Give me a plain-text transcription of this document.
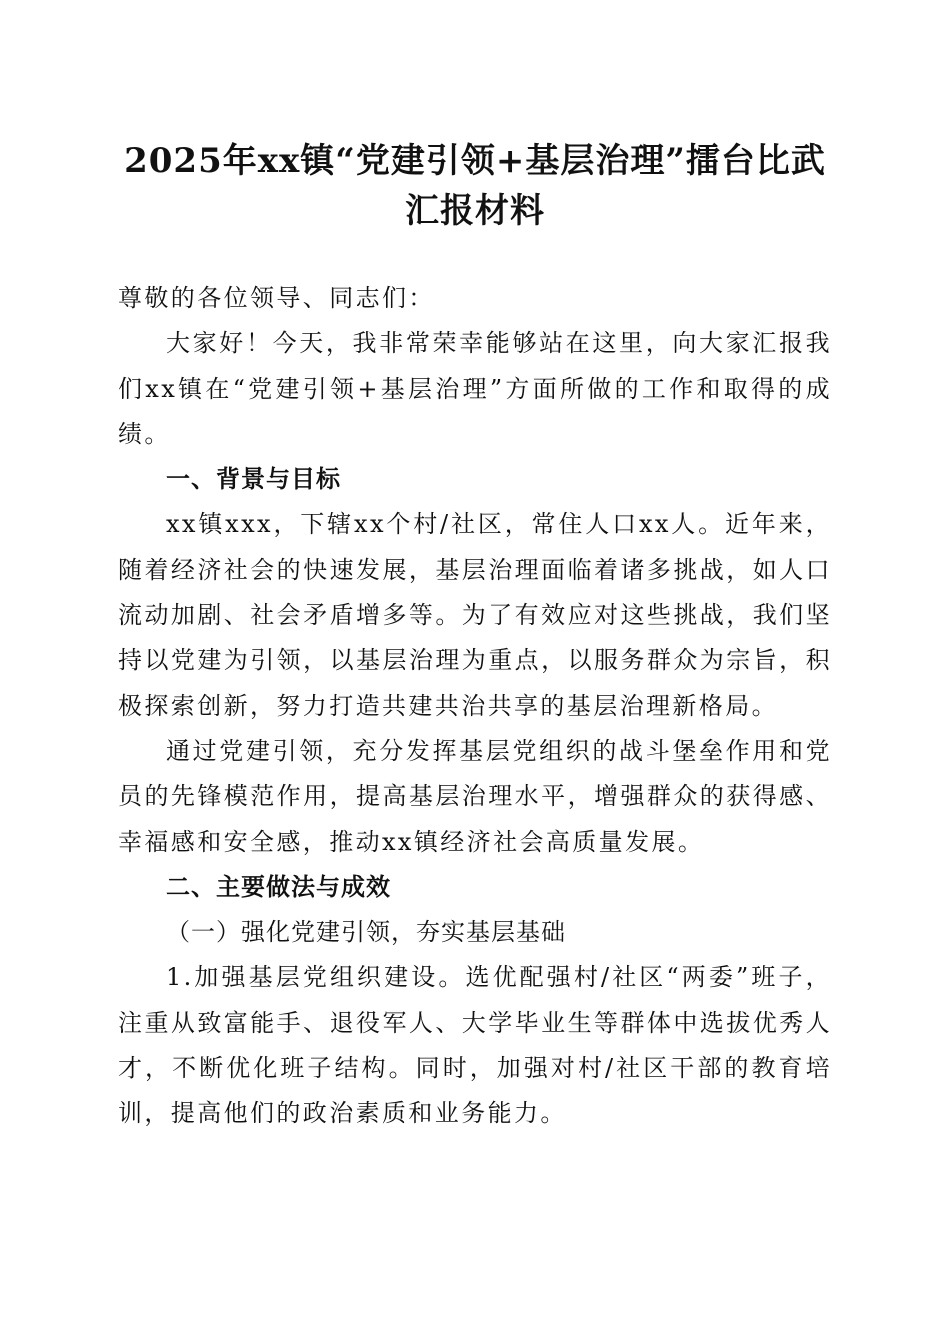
2025年xx镇“党建引领+基层治理”擂台比武汇报材料

尊敬的各位领导、同志们：

大家好！今天，我非常荣幸能够站在这里，向大家汇报我们xx镇在“党建引领+基层治理”方面所做的工作和取得的成绩。

一、背景与目标

xx镇xxx，下辖xx个村/社区，常住人口xx人。近年来，随着经济社会的快速发展，基层治理面临着诸多挑战，如人口流动加剧、社会矛盾增多等。为了有效应对这些挑战，我们坚持以党建为引领，以基层治理为重点，以服务群众为宗旨，积极探索创新，努力打造共建共治共享的基层治理新格局。

通过党建引领，充分发挥基层党组织的战斗堡垒作用和党员的先锋模范作用，提高基层治理水平，增强群众的获得感、幸福感和安全感，推动xx镇经济社会高质量发展。

二、主要做法与成效

（一）强化党建引领，夯实基层基础

1.加强基层党组织建设。选优配强村/社区“两委”班子，注重从致富能手、退役军人、大学毕业生等群体中选拔优秀人才，不断优化班子结构。同时，加强对村/社区干部的教育培训，提高他们的政治素质和业务能力。
